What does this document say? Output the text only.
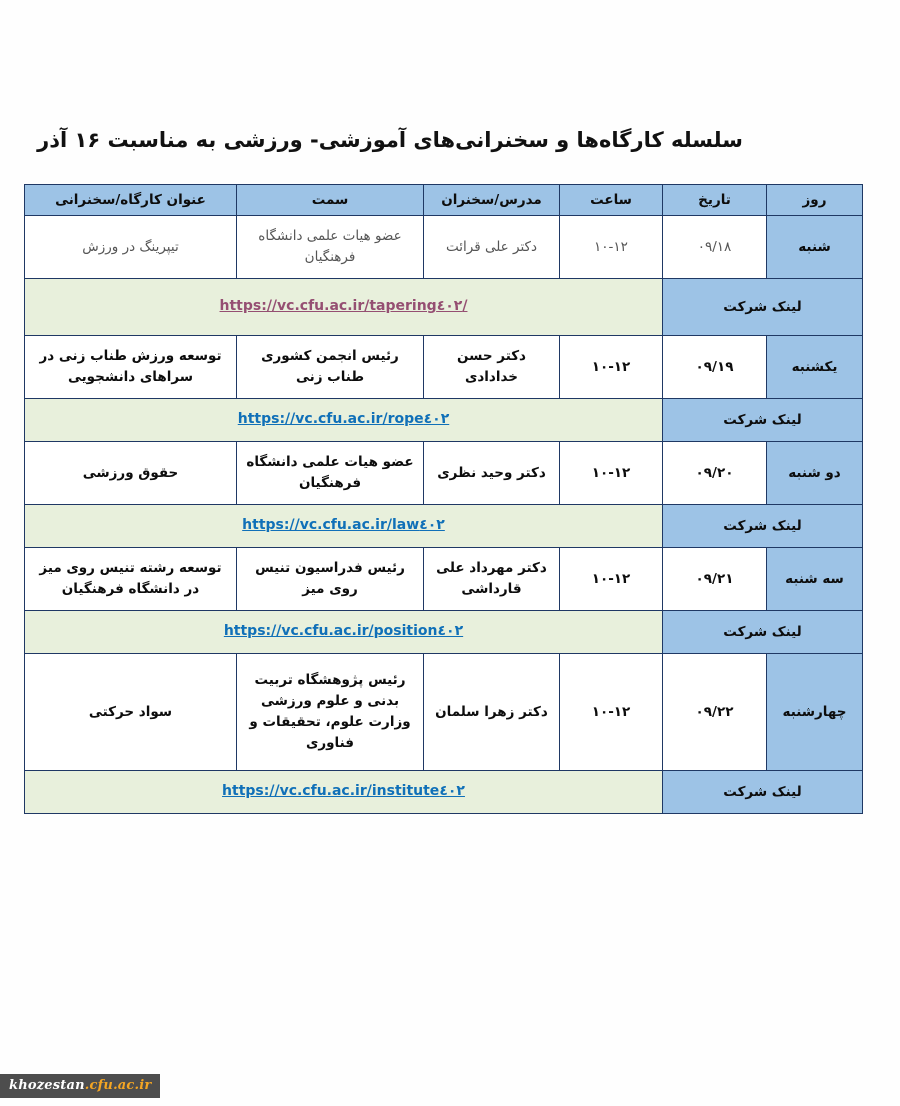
سلسله کارگاه‌ها و سخنرانی‌های آموزشی- ورزشی به مناسبت ۱۶ آذر
روز	تاریخ	ساعت	مدرس/سخنران	سمت	عنوان کارگاه/سخنرانی
شنبه	۰۹/۱۸	۱۰-۱۲	دکتر علی قرائت	عضو هیات علمی دانشگاه فرهنگیان	تیپرینگ در ورزش
لینک شرکت		https://vc.cfu.ac.ir/tapering٤٠٢/			
یکشنبه	۰۹/۱۹	۱۰-۱۲	دکتر حسن خدادادی	رئیس انجمن کشوری طناب زنی	توسعه ورزش طناب زنی در سراهای دانشجویی
لینک شرکت		https://vc.cfu.ac.ir/rope٤٠٢			
دو شنبه	۰۹/۲۰	۱۰-۱۲	دکتر وحید نظری	عضو هیات علمی دانشگاه فرهنگیان	حقوق ورزشی
لینک شرکت		https://vc.cfu.ac.ir/law٤٠٢			
سه شنبه	۰۹/۲۱	۱۰-۱۲	دکتر مهرداد علی قارداشی	رئیس فدراسیون تنیس روی میز	توسعه رشته تنیس روی میز در دانشگاه فرهنگیان
لینک شرکت		https://vc.cfu.ac.ir/position٤٠٢			
چهارشنبه	۰۹/۲۲	۱۰-۱۲	دکتر زهرا سلمان	رئیس پژوهشگاه تربیت بدنی و علوم ورزشی وزارت علوم، تحقیقات و فناوری	سواد حرکتی
لینک شرکت		https://vc.cfu.ac.ir/institute٤٠٢			
khozestan.cfu.ac.ir
